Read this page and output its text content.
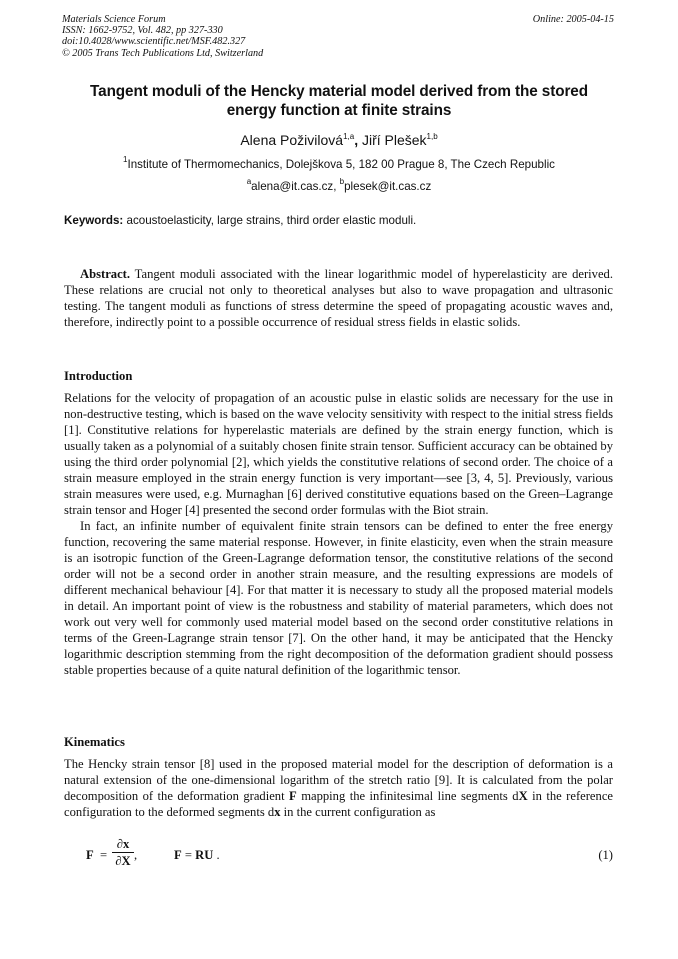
Materials Science Forum
ISSN: 1662-9752, Vol. 482, pp 327-330
doi:10.4028/www.scientific.net/MSF.482.327
© 2005 Trans Tech Publications Ltd, Switzerland
Online: 2005-04-15
Tangent moduli of the Hencky material model derived from the stored energy function at finite strains
Alena Poživilová$^{1,a}$, Jiří Plešek$^{1,b}$
$^1$Institute of Thermomechanics, Dolejškova 5, 182 00 Prague 8, The Czech Republic
$^a$alena@it.cas.cz, $^b$plesek@it.cas.cz
Keywords: acoustoelasticity, large strains, third order elastic moduli.

Abstract. Tangent moduli associated with the linear logarithmic model of hyperelasticity are derived. These relations are crucial not only to theoretical analyses but also to wave propagation and ultrasonic testing. The tangent moduli as functions of stress determine the speed of propagating acoustic waves and, therefore, indirectly point to a possible occurrence of residual stress fields in elastic solids.

Introduction

Relations for the velocity of propagation of an acoustic pulse in elastic solids are necessary for the use in non-destructive testing, which is based on the wave velocity sensitivity with respect to the initial stress fields [1]. Constitutive relations for hyperelastic materials are defined by the strain energy function, which is usually taken as a polynomial of a suitably chosen finite strain tensor. Sufficient accuracy can be obtained by using the third order polynomial [2], which yields the constitutive relations of second order. The choice of a strain measure employed in the strain energy function is very important—see [3, 4, 5]. Previously, various strain measures were used, e.g. Murnaghan [6] derived constitutive equations based on the Green–Lagrange strain tensor and Hoger [4] presented the second order formulas with the Biot strain.

In fact, an infinite number of equivalent finite strain tensors can be defined to enter the free energy function, recovering the same material response. However, in finite elasticity, even when the strain measure is an isotropic function of the Green-Lagrange deformation tensor, the constitutive relations of the second order will not be a second order in another strain measure, and the resulting expressions are models of different mechanical behaviour [4]. For that matter it is necessary to study all the proposed material models in detail. An important point of view is the robustness and stability of material parameters, which does not work out very well for commonly used material model based on the second order constitutive relations in terms of the Green-Lagrange strain tensor [7]. On the other hand, it may be anticipated that the Hencky logarithmic description stemming from the right decomposition of the deformation gradient should possess stable properties because of a quite natural definition of the logarithmic tensor.

Kinematics

The Hencky strain tensor [8] used in the proposed material model for the description of deformation is a natural extension of the one-dimensional logarithm of the stretch ratio [9]. It is calculated from the polar decomposition of the deformation gradient F mapping the infinitesimal line segments dX in the reference configuration to the deformed segments dx in the current configuration as

F =
∂x
∂X ,	F = RU .	(1)
